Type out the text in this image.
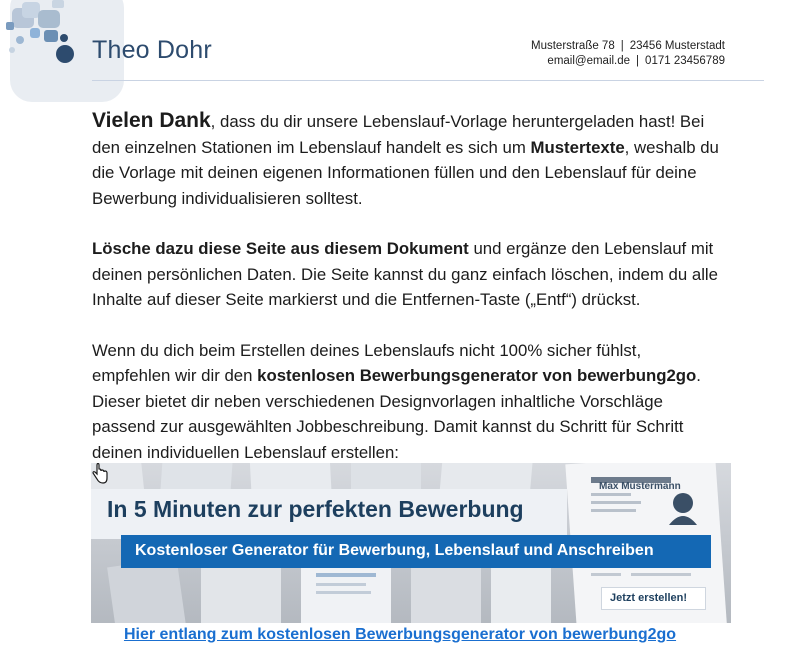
Theo Dohr	Musterstraße 78 | 23456 Musterstadt
email@email.de | 0171 23456789

Vielen Dank, dass du dir unsere Lebenslauf-Vorlage heruntergeladen hast! Bei den einzelnen Stationen im Lebenslauf handelt es sich um Mustertexte, weshalb du die Vorlage mit deinen eigenen Informationen füllen und den Lebenslauf für deine Bewerbung individualisieren solltest.

Lösche dazu diese Seite aus diesem Dokument und ergänze den Lebenslauf mit deinen persönlichen Daten. Die Seite kannst du ganz einfach löschen, indem du alle Inhalte auf dieser Seite markierst und die Entfernen-Taste („Entf“) drückst.

Wenn du dich beim Erstellen deines Lebenslaufs nicht 100% sicher fühlst, empfehlen wir dir den kostenlosen Bewerbungsgenerator von bewerbung2go. Dieser bietet dir neben verschiedenen Designvorlagen inhaltliche Vorschläge passend zur ausgewählten Jobbeschreibung. Damit kannst du Schritt für Schritt deinen individuellen Lebenslauf erstellen:

Max Mustermann
In 5 Minuten zur perfekten Bewerbung
Kostenloser Generator für Bewerbung, Lebenslauf und Anschreiben
Jetzt erstellen!
Hier entlang zum kostenlosen Bewerbungsgenerator von bewerbung2go
